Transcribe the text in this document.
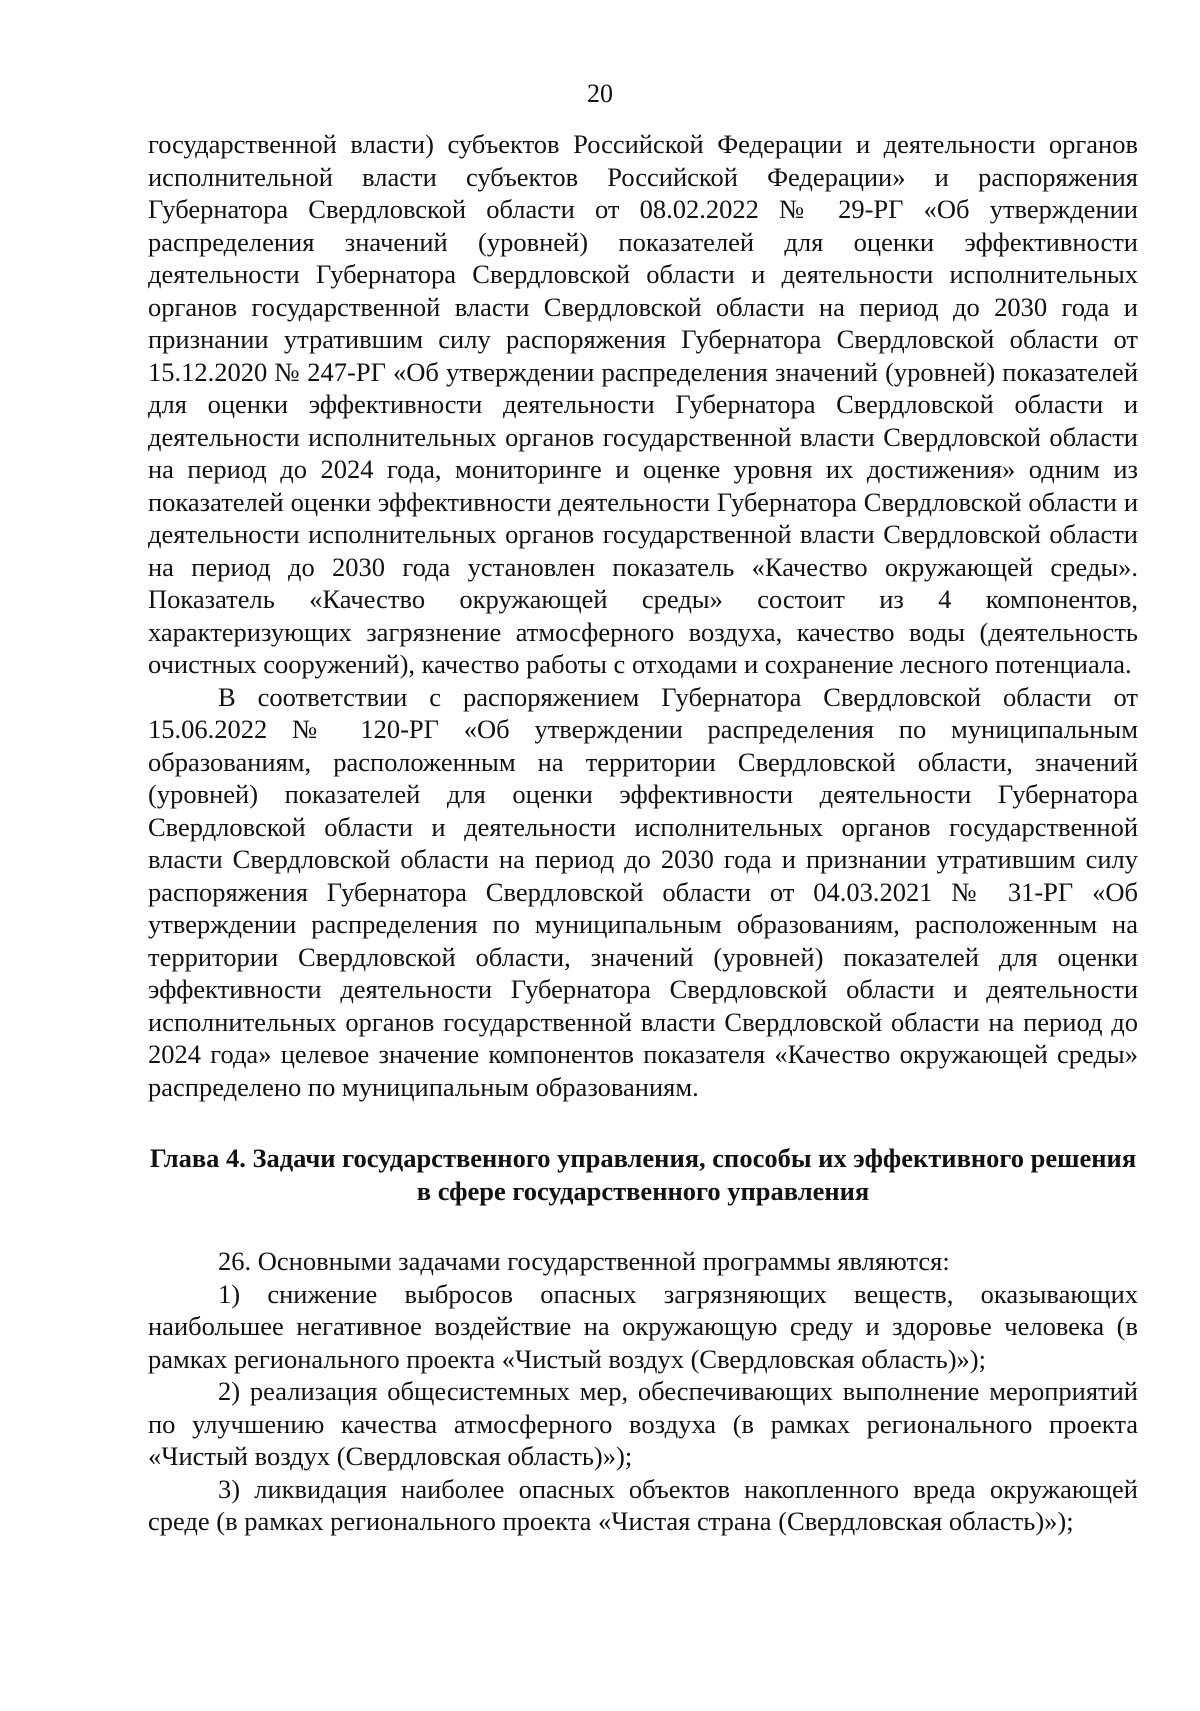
20

государственной власти) субъектов Российской Федерации и деятельности органов исполнительной власти субъектов Российской Федерации» и распоряжения Губернатора Свердловской области от 08.02.2022 № 29-РГ «Об утверждении распределения значений (уровней) показателей для оценки эффективности деятельности Губернатора Свердловской области и деятельности исполнительных органов государственной власти Свердловской области на период до 2030 года и признании утратившим силу распоряжения Губернатора Свердловской области от 15.12.2020 № 247-РГ «Об утверждении распределения значений (уровней) показателей для оценки эффективности деятельности Губернатора Свердловской области и деятельности исполнительных органов государственной власти Свердловской области на период до 2024 года, мониторинге и оценке уровня их достижения» одним из показателей оценки эффективности деятельности Губернатора Свердловской области и деятельности исполнительных органов государственной власти Свердловской области на период до 2030 года установлен показатель «Качество окружающей среды». Показатель «Качество окружающей среды» состоит из 4 компонентов, характеризующих загрязнение атмосферного воздуха, качество воды (деятельность очистных сооружений), качество работы с отходами и сохранение лесного потенциала.

В соответствии с распоряжением Губернатора Свердловской области от 15.06.2022 № 120-РГ «Об утверждении распределения по муниципальным образованиям, расположенным на территории Свердловской области, значений (уровней) показателей для оценки эффективности деятельности Губернатора Свердловской области и деятельности исполнительных органов государственной власти Свердловской области на период до 2030 года и признании утратившим силу распоряжения Губернатора Свердловской области от 04.03.2021 № 31-РГ «Об утверждении распределения по муниципальным образованиям, расположенным на территории Свердловской области, значений (уровней) показателей для оценки эффективности деятельности Губернатора Свердловской области и деятельности исполнительных органов государственной власти Свердловской области на период до 2024 года» целевое значение компонентов показателя «Качество окружающей среды» распределено по муниципальным образованиям.

Глава 4. Задачи государственного управления, способы их эффективного решения в сфере государственного управления

26. Основными задачами государственной программы являются:

1) снижение выбросов опасных загрязняющих веществ, оказывающих наибольшее негативное воздействие на окружающую среду и здоровье человека (в рамках регионального проекта «Чистый воздух (Свердловская область)»);

2) реализация общесистемных мер, обеспечивающих выполнение мероприятий по улучшению качества атмосферного воздуха (в рамках регионального проекта «Чистый воздух (Свердловская область)»);

3) ликвидация наиболее опасных объектов накопленного вреда окружающей среде (в рамках регионального проекта «Чистая страна (Свердловская область)»);
